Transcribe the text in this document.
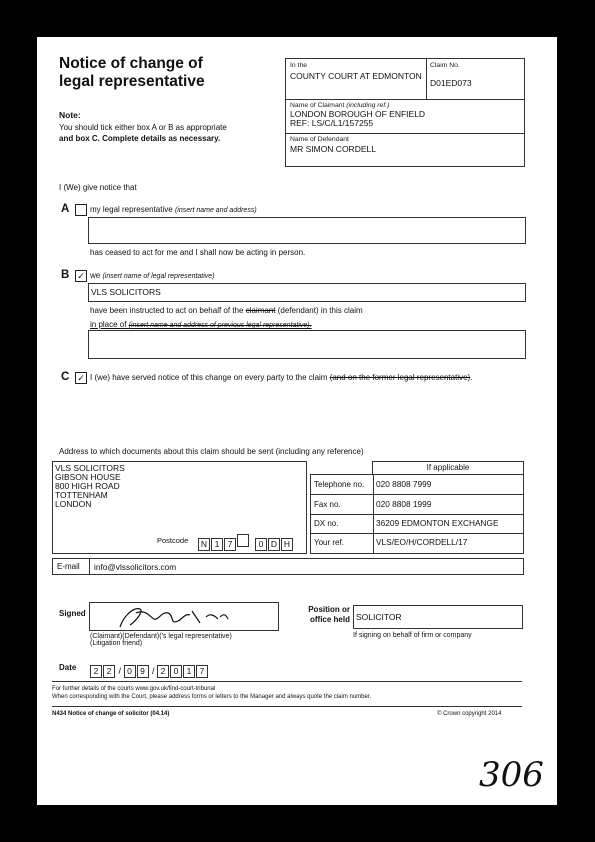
Notice of change of
legal representative
Note:
You should tick either box A or B as appropriate
and box C. Complete details as necessary.
In the
COUNTY COURT AT EDMONTON
Claim No.
D01ED073
Name of Claimant (including ref.)
LONDON BOROUGH OF ENFIELD
REF: LS/C/L1/157255
Name of Defendant
MR SIMON CORDELL
I (We) give notice that
A	my legal representative (insert name and address)
has ceased to act for me and I shall now be acting in person.
B ✓ we (insert name of legal representative)
VLS SOLICITORS
have been instructed to act on behalf of the claimant (defendant) in this claim
in place of (insert name and address of previous legal representative).
C ✓ I (we) have served notice of this change on every party to the claim (and on the former legal representative).
Address to which documents about this claim should be sent (including any reference)
VLS SOLICITORS
GIBSON HOUSE
800 HIGH ROAD
TOTTENHAM
LONDON
Postcode	N 1 7	0 D H
If applicable
Telephone no. 020 8808 7999
Fax no.	020 8808 1999
DX no.	36209 EDMONTON EXCHANGE
Your ref.	VLS/EO/H/CORDELL/17
E-mail info@vlssolicitors.com
Signed
(Claimant)(Defendant)('s legal representative)
(Litigation friend)
Position or
office held SOLICITOR
If signing on behalf of firm or company
Date	2 2 / 0 9 / 2 0 1 7
For further details of the courts www.gov.uk/find-court-tribunal
When corresponding with the Court, please address forms or letters to the Manager and always quote the claim number.
N434 Notice of change of solicitor (04.14)	© Crown copyright 2014
306
